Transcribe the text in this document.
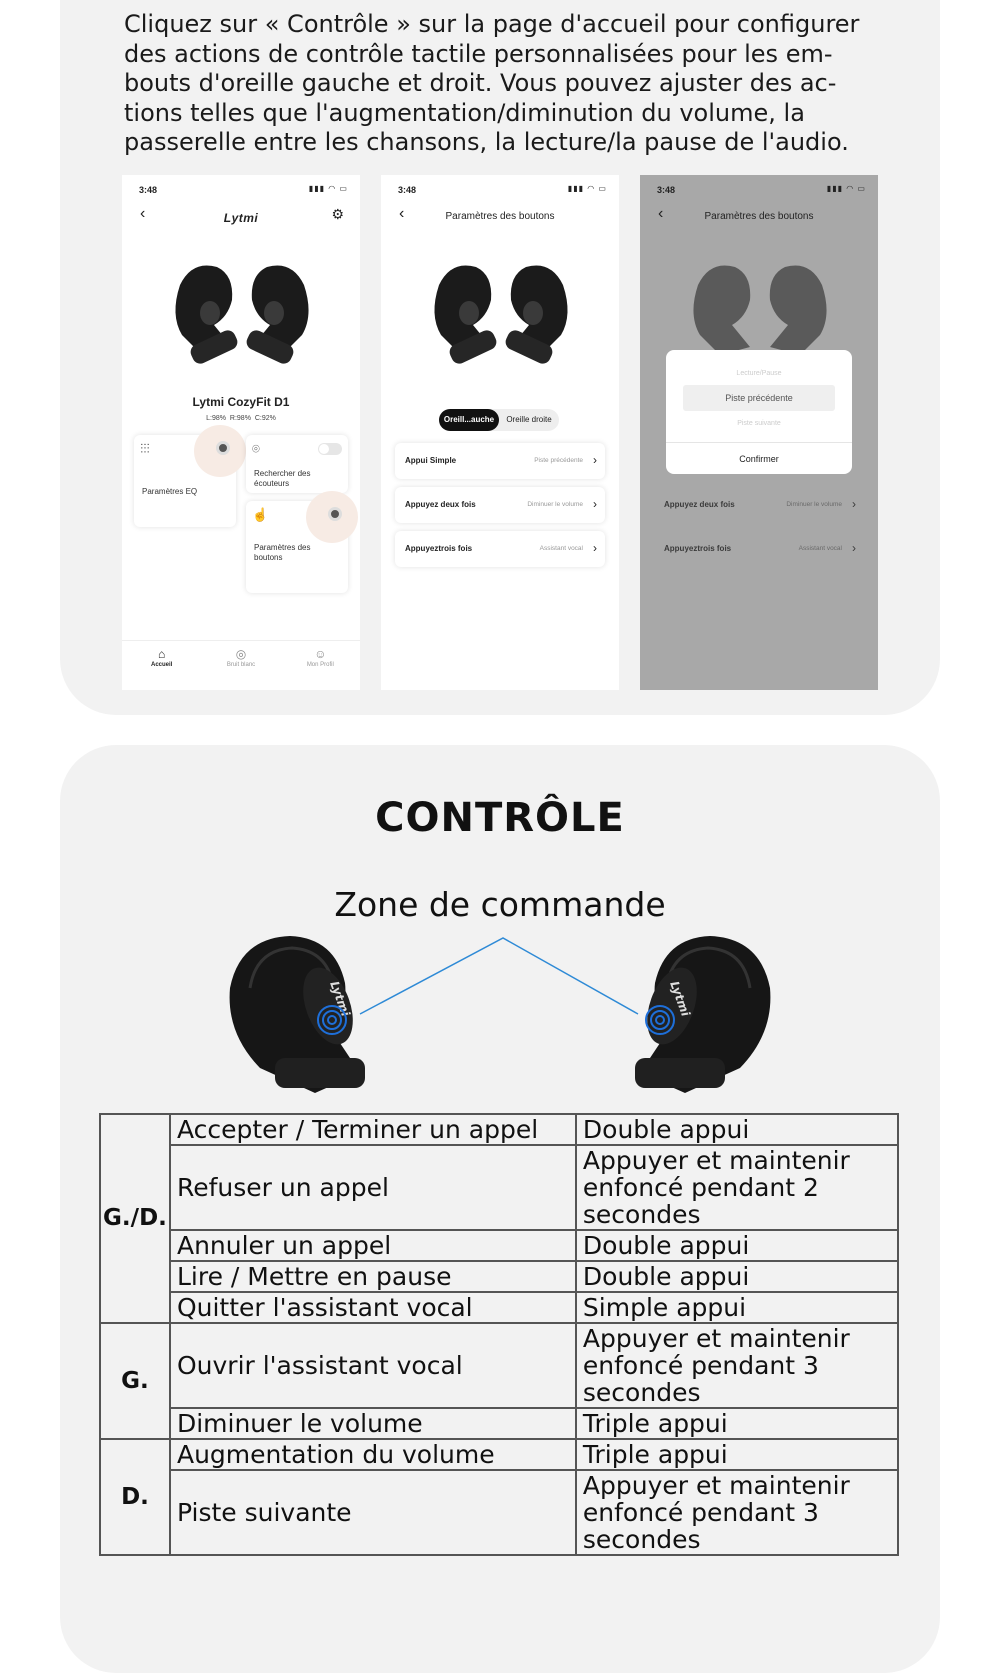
Cliquez sur « Contrôle » sur la page d'accueil pour configurer des actions de contrôle tactile personnalisées pour les em-bouts d'oreille gauche et droit. Vous pouvez ajuster des ac-tions telles que l'augmentation/diminution du volume, la passerelle entre les chansons, la lecture/la pause de l'audio.

3:48	▮▮▮ ◠ ▭
‹	Lytmi	⚙
Lytmi CozyFit D1
L:98% R:98% C:92%
⫶⫶⫶
Paramètres EQ
⌾
Rechercher des écouteurs
☝
Paramètres des boutons
⌂
Accueil
◎
Bruit blanc
☺
Mon Profil
3:48	▮▮▮ ◠ ▭
‹	Paramètres des boutons
Oreill...auche	Oreille droite
Appui Simple	Piste précédente ›
Appuyez deux fois	Diminuer le volume ›
Appuyeztrois fois	Assistant vocal ›
3:48	▮▮▮ ◠ ▭
‹	Paramètres des boutons
Lecture/Pause
Piste précédente
Piste suivante
Confirmer
Appuyez deux fois	Diminuer le volume ›
Appuyeztrois fois	Assistant vocal ›
CONTRÔLE
Zone de commande
Lytmi	Lytmi
G./D.	Accepter / Terminer un appel	Double appui
	Refuser un appel	Appuyer et maintenir enfoncé pendant 2 secondes
	Annuler un appel	Double appui
	Lire / Mettre en pause	Double appui
	Quitter l'assistant vocal	Simple appui
G.	Ouvrir l'assistant vocal	Appuyer et maintenir enfoncé pendant 3 secondes
	Diminuer le volume	Triple appui
D.	Augmentation du volume	Triple appui
	Piste suivante	Appuyer et maintenir enfoncé pendant 3 secondes
